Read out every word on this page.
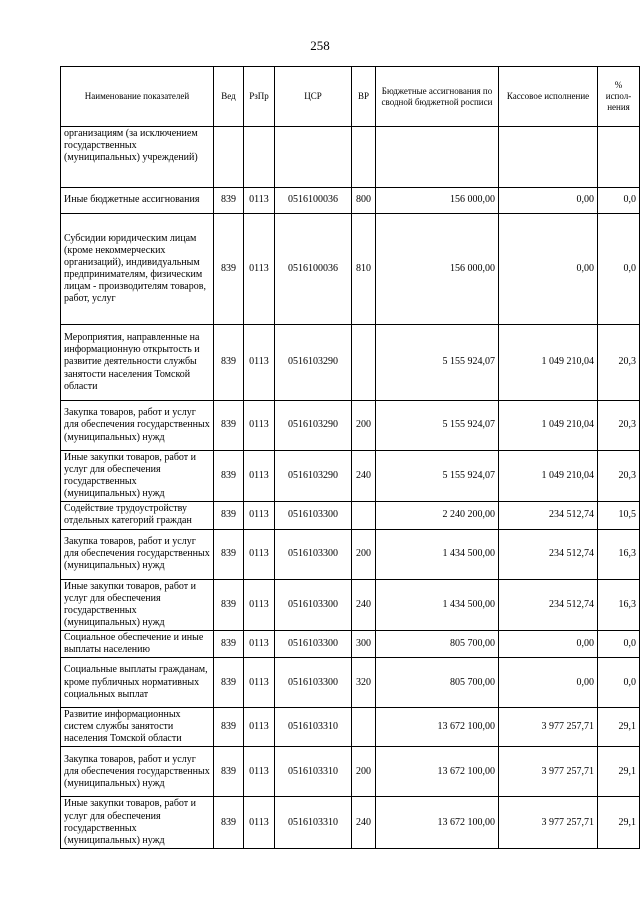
258
Наименование показателей	Вед	РзПр	ЦСР	ВР	Бюджетные ассигнования по сводной бюджетной росписи	Кассовое исполнение	% испол-нения
организациям (за исключением государственных (муниципальных) учреждений)							
Иные бюджетные ассигнования	839	0113	0516100036	800	156 000,00	0,00	0,0
Субсидии юридическим лицам (кроме некоммерческих организаций), индивидуальным предпринимателям, физическим лицам - производителям товаров, работ, услуг	839	0113	0516100036	810	156 000,00	0,00	0,0
Мероприятия, направленные на информационную открытость и развитие деятельности службы занятости населения Томской области	839	0113	0516103290		5 155 924,07	1 049 210,04	20,3
Закупка товаров, работ и услуг для обеспечения государственных (муниципальных) нужд	839	0113	0516103290	200	5 155 924,07	1 049 210,04	20,3
Иные закупки товаров, работ и услуг для обеспечения государственных (муниципальных) нужд	839	0113	0516103290	240	5 155 924,07	1 049 210,04	20,3
Содействие трудоустройству отдельных категорий граждан	839	0113	0516103300		2 240 200,00	234 512,74	10,5
Закупка товаров, работ и услуг для обеспечения государственных (муниципальных) нужд	839	0113	0516103300	200	1 434 500,00	234 512,74	16,3
Иные закупки товаров, работ и услуг для обеспечения государственных (муниципальных) нужд	839	0113	0516103300	240	1 434 500,00	234 512,74	16,3
Социальное обеспечение и иные выплаты населению	839	0113	0516103300	300	805 700,00	0,00	0,0
Социальные выплаты гражданам, кроме публичных нормативных социальных выплат	839	0113	0516103300	320	805 700,00	0,00	0,0
Развитие информационных систем службы занятости населения Томской области	839	0113	0516103310		13 672 100,00	3 977 257,71	29,1
Закупка товаров, работ и услуг для обеспечения государственных (муниципальных) нужд	839	0113	0516103310	200	13 672 100,00	3 977 257,71	29,1
Иные закупки товаров, работ и услуг для обеспечения государственных (муниципальных) нужд	839	0113	0516103310	240	13 672 100,00	3 977 257,71	29,1
